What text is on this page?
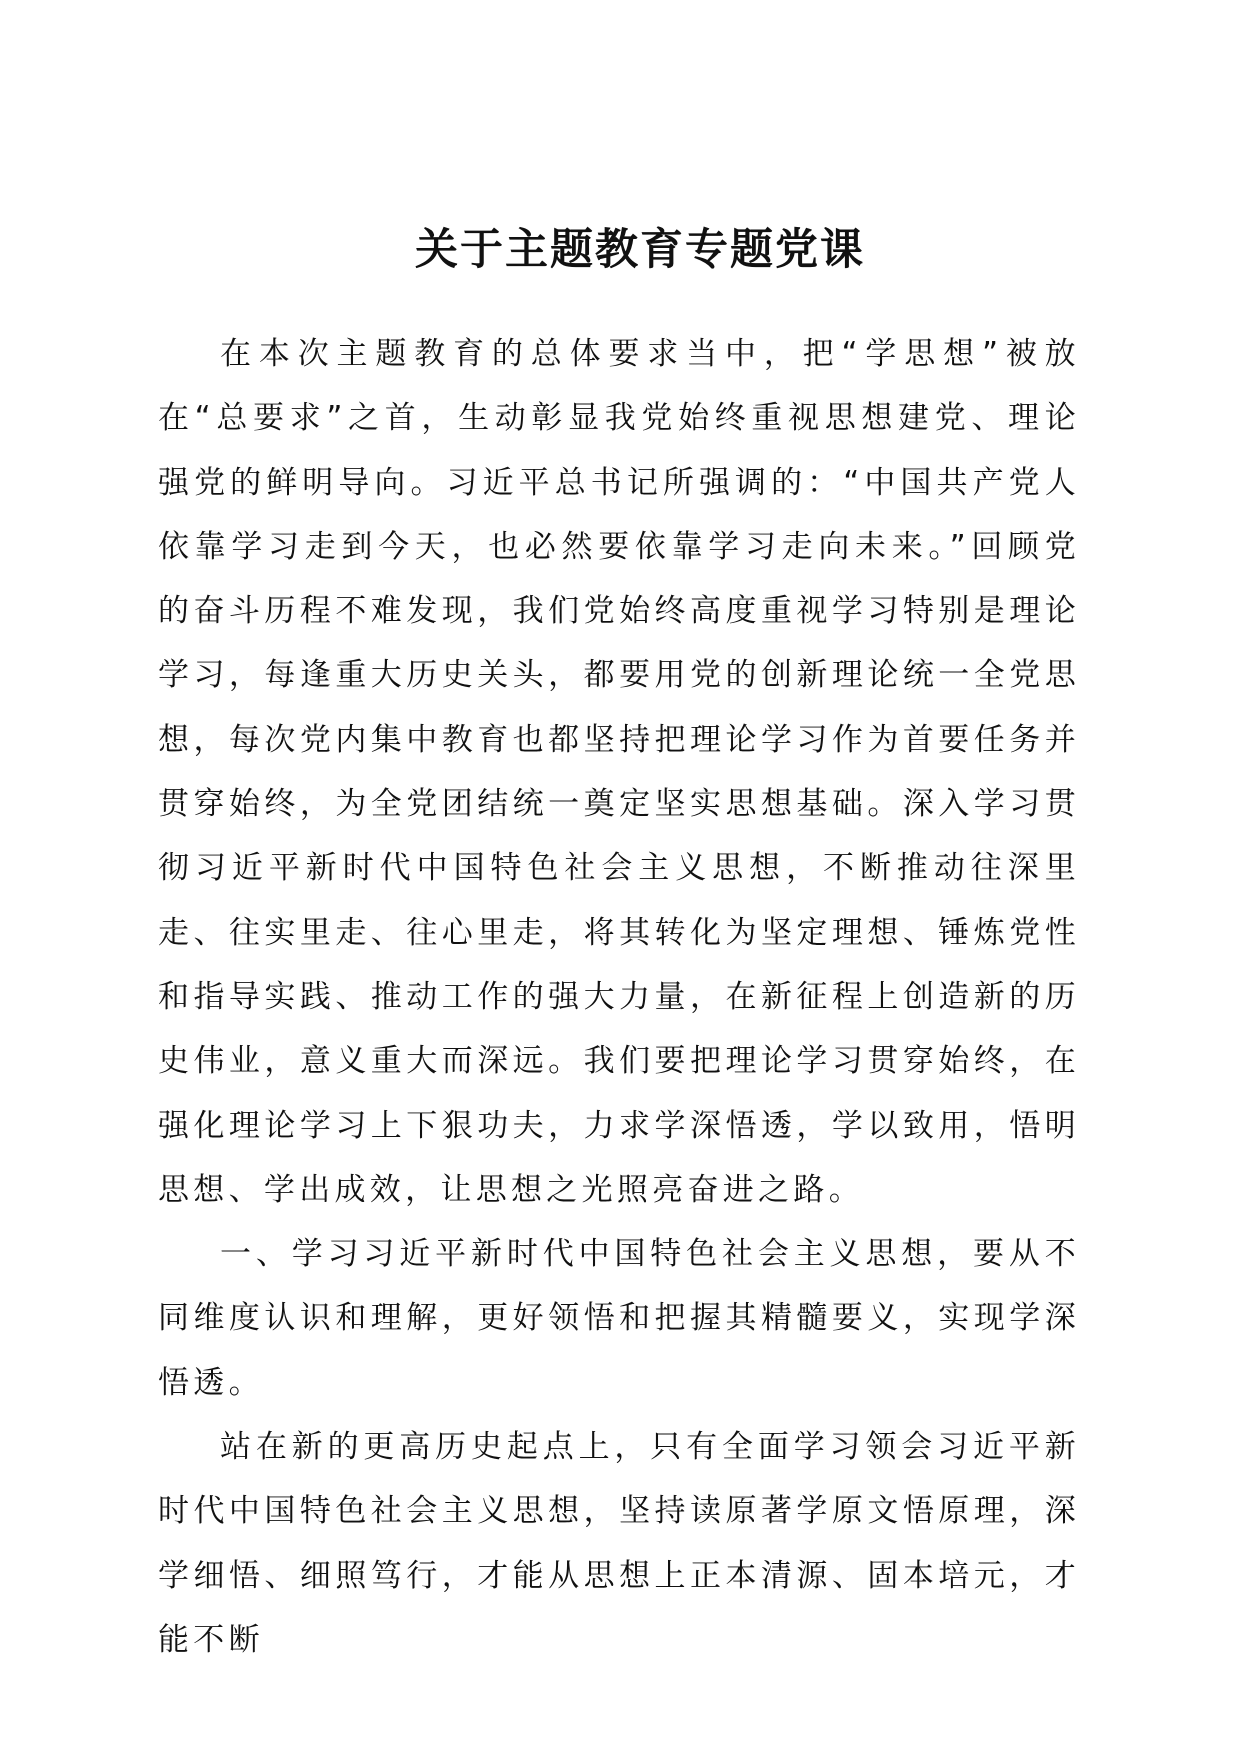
关于主题教育专题党课

在本次主题教育的总体要求当中，把“学思想”被放在“总要求”之首，生动彰显我党始终重视思想建党、理论强党的鲜明导向。习近平总书记所强调的：“中国共产党人依靠学习走到今天，也必然要依靠学习走向未来。”回顾党的奋斗历程不难发现，我们党始终高度重视学习特别是理论学习，每逢重大历史关头，都要用党的创新理论统一全党思想，每次党内集中教育也都坚持把理论学习作为首要任务并贯穿始终，为全党团结统一奠定坚实思想基础。深入学习贯彻习近平新时代中国特色社会主义思想，不断推动往深里走、往实里走、往心里走，将其转化为坚定理想、锤炼党性和指导实践、推动工作的强大力量，在新征程上创造新的历史伟业，意义重大而深远。我们要把理论学习贯穿始终，在强化理论学习上下狠功夫，力求学深悟透，学以致用，悟明思想、学出成效，让思想之光照亮奋进之路。

一、学习习近平新时代中国特色社会主义思想，要从不同维度认识和理解，更好领悟和把握其精髓要义，实现学深悟透。

站在新的更高历史起点上，只有全面学习领会习近平新时代中国特色社会主义思想，坚持读原著学原文悟原理，深学细悟、细照笃行，才能从思想上正本清源、固本培元，才能不断
